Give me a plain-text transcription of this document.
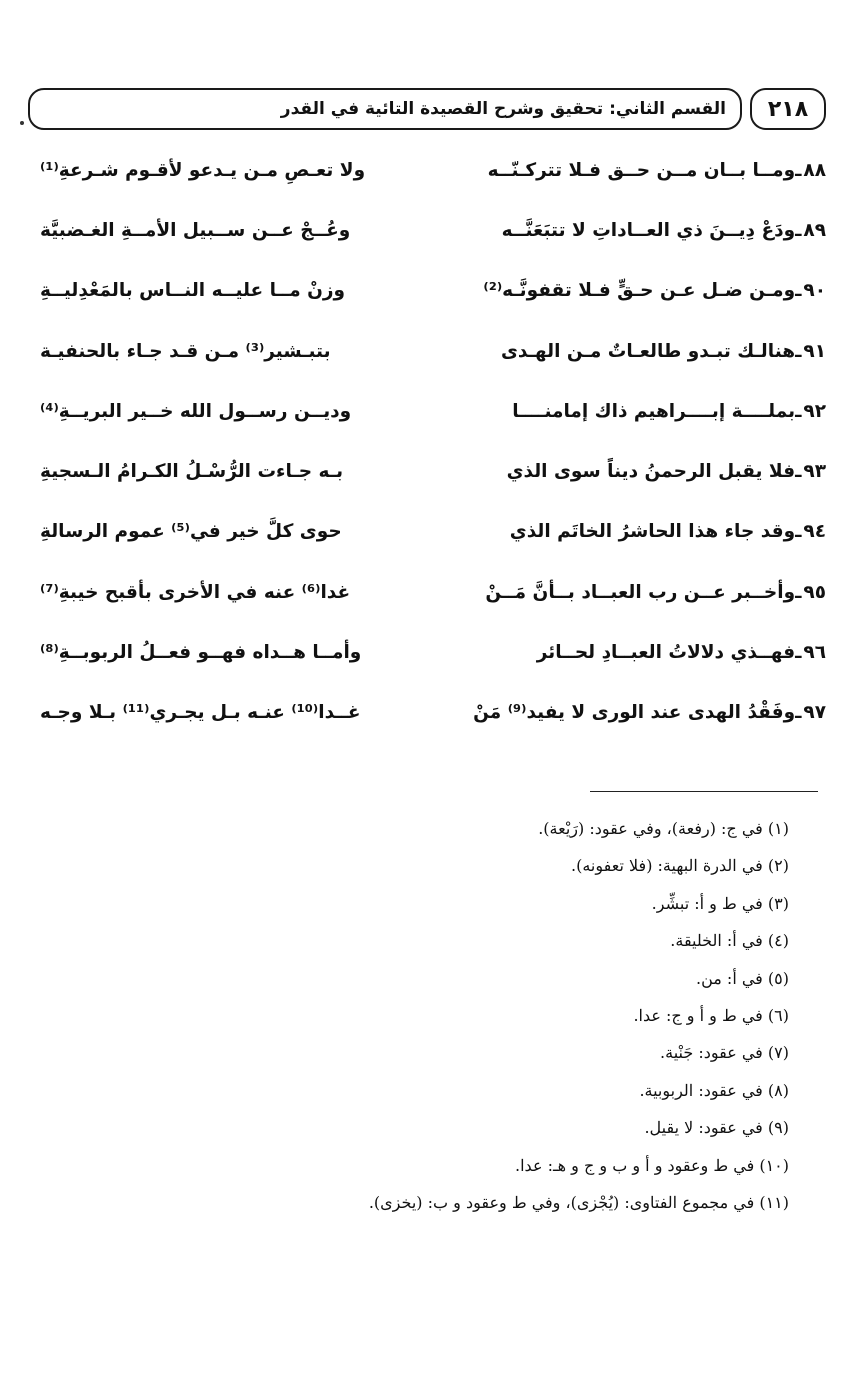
القسم الثاني: تحقيق وشرح القصيدة التائية في القدر ٢١٨
٨٨
ـ
ومــا بــان مــن حــق فـلا تتركـنّــه
ولا تعـصِ مـن يـدعو لأقـوم شـرعةِ⁽¹⁾
٨٩
ـ
ودَعْ دِيــنَ ذي العــاداتِ لا تتبَعَنَّــه
وعُــجْ عــن ســبيل الأمــةِ الغـضبيَّة
٩٠
ـ
ومـن ضـل عـن حـقٍّ فـلا تقفونَّـه⁽²⁾
وزنْ مــا عليــه النــاس بالمَعْدِليــةِ
٩١
ـ
هنالـك تبـدو طالعـاتٌ مـن الهـدى
بتبـشير⁽³⁾ مـن قـد جـاء بالحنفيـة
٩٢
ـ
بملــــة إبــــراهيم ذاك إمامنــــا
وديــن رســول الله خــير البريــةِ⁽⁴⁾
٩٣
ـ
فلا يقبل الرحمنُ ديناً سوى الذي
بـه جـاءت الرُّسْـلُ الكـرامُ الـسجيةِ
٩٤
ـ
وقد جاء هذا الحاشرُ الخاتَم الذي
حوى كلَّ خير في⁽⁵⁾ عموم الرسالةِ
٩٥
ـ
وأخــبر عــن رب العبــاد بــأنَّ مَــنْ
غدا⁽⁶⁾ عنه في الأخرى بأقبح خيبةِ⁽⁷⁾
٩٦
ـ
فهــذي دلالاتُ العبــادِ لحــائر
وأمــا هــداه فهــو فعــلُ الربوبــةِ⁽⁸⁾
٩٧
ـ
وفَقْدُ الهدى عند الورى لا يفيد⁽⁹⁾ مَنْ
غــدا⁽¹⁰⁾ عنـه بـل يجـري⁽¹¹⁾ بـلا وجـه
(١) في ج: (رفعة)، وفي عقود: (رَيْعة).
(٢) في الدرة البهية: (فلا تعفونه).
(٣) في ط و أ: تبشِّر.
(٤) في أ: الخليقة.
(٥) في أ: من.
(٦) في ط و أ و ج: عدا.
(٧) في عقود: جَنْية.
(٨) في عقود: الربوبية.
(٩) في عقود: لا يقيل.
(١٠) في ط وعقود و أ و ب و ج و هـ: عدا.
(١١) في مجموع الفتاوى: (يُجْزى)، وفي ط وعقود و ب: (يخزى).
